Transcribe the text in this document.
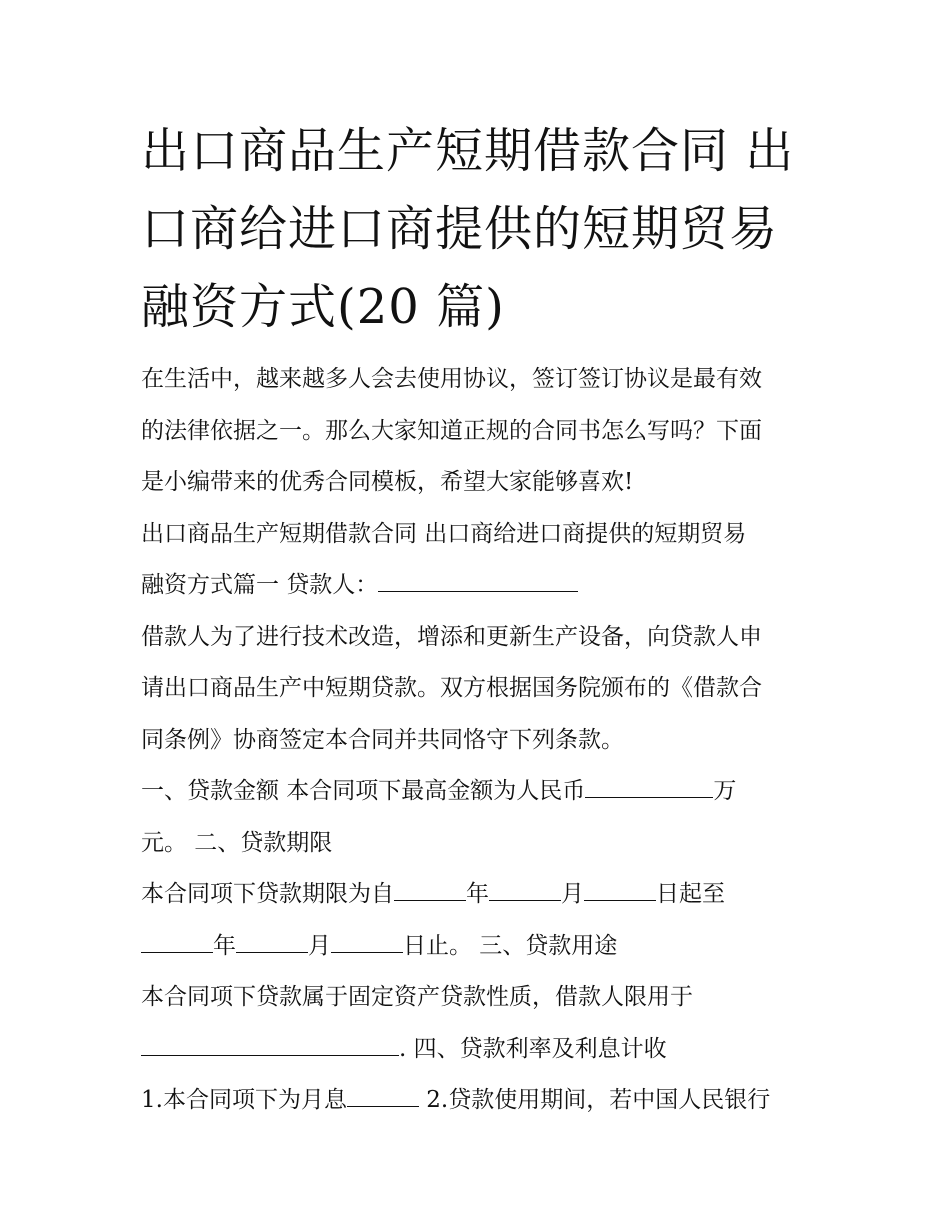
出口商品生产短期借款合同 出
口商给进口商提供的短期贸易
融资方式(20 篇)

在生活中，越来越多人会去使用协议，签订签订协议是最有效

的法律依据之一。那么大家知道正规的合同书怎么写吗？下面

是小编带来的优秀合同模板，希望大家能够喜欢!

出口商品生产短期借款合同 出口商给进口商提供的短期贸易

融资方式篇一 贷款人：

借款人为了进行技术改造，增添和更新生产设备，向贷款人申

请出口商品生产中短期贷款。双方根据国务院颁布的《借款合

同条例》协商签定本合同并共同恪守下列条款。

一、贷款金额 本合同项下最高金额为人民币	万

元。 二、贷款期限

本合同项下贷款期限为自	年	月	日起至

年	月	日止。 三、贷款用途

本合同项下贷款属于固定资产贷款性质，借款人限用于

. 四、贷款利率及利息计收

1.本合同项下为月息	2.贷款使用期间，若中国人民银行
